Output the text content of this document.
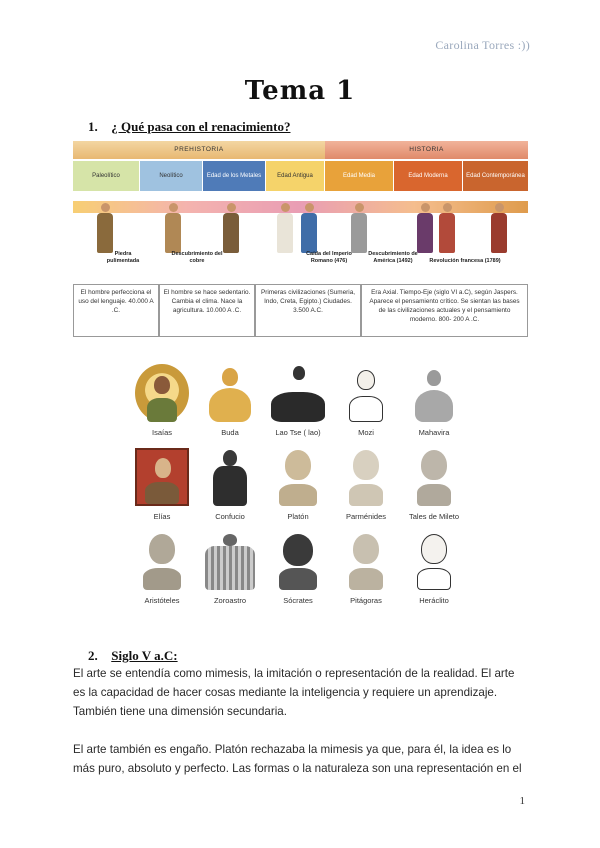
Carolina Torres :))
Tema 1
1. ¿ Qué pasa con el renacimiento?
PREHISTORIA	HISTORIA
Paleolítico	Neolítico	Edad de los Metales	Edad Antigua	Edad Media	Edad Moderna	Edad Contemporánea
Piedra pulimentada
Descubrimiento del cobre
Caída del Imperio Romano (476)
Descubrimiento de América (1492)	Revolución francesa (1789)
El hombre perfecciona el uso del lenguaje. 40.000 A .C.
El hombre se hace sedentario. Cambia el clima. Nace la agricultura. 10.000 A .C.
Primeras civilizaciones (Sumeria, Indo, Creta, Egipto.) Ciudades. 3.500 A.C.
Era Axial. Tiempo-Eje (siglo VI a.C), según Jaspers. Aparece el pensamiento crítico. Se sientan las bases de las civilizaciones actuales y el pensamiento moderno. 800- 200 A .C.
Isaías	Buda	Lao Tse ( lao)	Mozi	Mahavira
Elías	Confucio	Platón	Parménides	Tales de Mileto
Aristóteles	Zoroastro	Sócrates	Pitágoras	Heráclito
2. Siglo V a.C:

El arte se entendía como mimesis, la imitación o representación de la realidad. El arte es la capacidad de hacer cosas mediante la inteligencia y requiere un aprendizaje. También tiene una dimensión secundaria.

El arte también es engaño. Platón rechazaba la mimesis ya que, para él, la idea es lo más puro, absoluto y perfecto. Las formas o la naturaleza son una representación en el

1
